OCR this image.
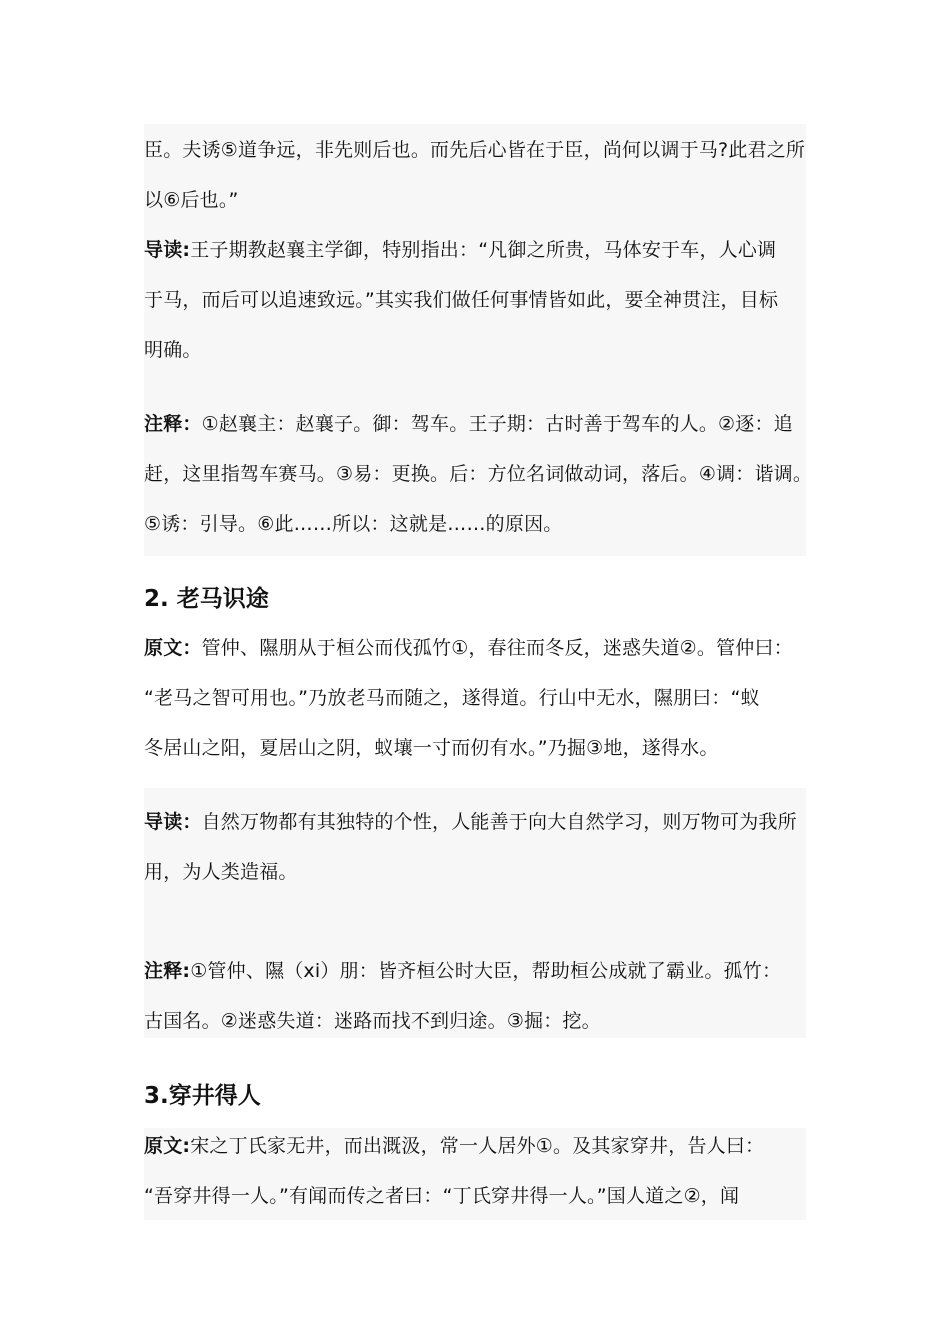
臣。夫诱⑤道争远，非先则后也。而先后心皆在于臣，尚何以调于马?此君之所
以⑥后也。”
导读:王子期教赵襄主学御，特别指出：“凡御之所贵，马体安于车，人心调
于马，而后可以追速致远。”其实我们做任何事情皆如此，要全神贯注，目标
明确。
注释：①赵襄主：赵襄子。御：驾车。王子期：古时善于驾车的人。②逐：追
赶，这里指驾车赛马。③易：更换。后：方位名词做动词，落后。④调：谐调。
⑤诱：引导。⑥此……所以：这就是……的原因。
2. 老马识途
原文：管仲、隰朋从于桓公而伐孤竹①，春往而冬反，迷惑失道②。管仲曰：
“老马之智可用也。”乃放老马而随之，遂得道。行山中无水，隰朋曰：“蚁
冬居山之阳，夏居山之阴，蚁壤一寸而仞有水。”乃掘③地，遂得水。
导读：自然万物都有其独特的个性，人能善于向大自然学习，则万物可为我所
用，为人类造福。
注释:①管仲、隰（xi）朋：皆齐桓公时大臣，帮助桓公成就了霸业。孤竹：
古国名。②迷惑失道：迷路而找不到归途。③掘：挖。
3.穿井得人
原文:宋之丁氏家无井，而出溉汲，常一人居外①。及其家穿井，告人曰：
“吾穿井得一人。”有闻而传之者曰：“丁氏穿井得一人。”国人道之②，闻
